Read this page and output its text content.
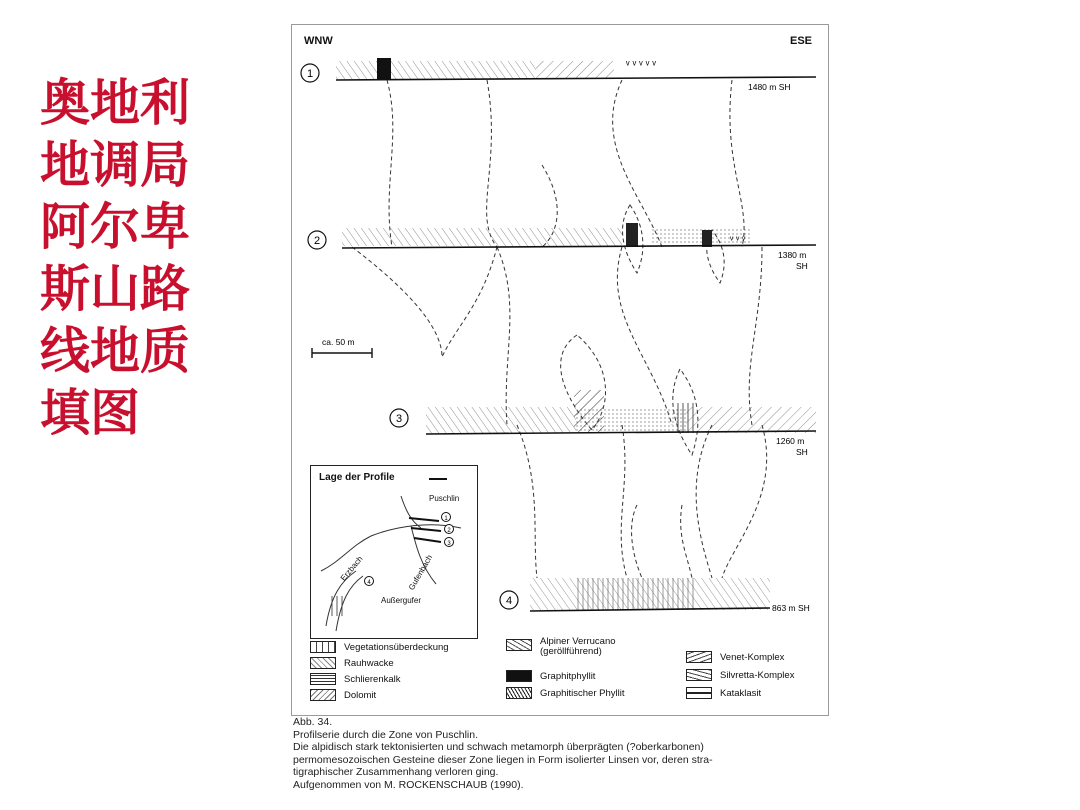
奥地利
地调局
阿尔卑
斯山路
线地质
填图
WNW	ESE
1
ᵛ ᵛ ᵛ ᵛ ᵛ
1480 m SH
2	ᵛ ᵛ ᵛ
1380 m
SH
ca. 50 m
3
1260 m
SH
4
863 m SH
Lage der Profile
1
2
3
4
Puschlin
Erzbach	Gufenbach
Außergufer
Vegetationsüberdeckung
Rauhwacke
Schlierenkalk
Dolomit
Alpiner Verrucano
(geröllführend)
Graphitphyllit
Graphitischer Phyllit
Venet-Komplex
Silvretta-Komplex
Kataklasit
Abb. 34.
Profilserie durch die Zone von Puschlin.
Die alpidisch stark tektonisierten und schwach metamorph überprägten (?oberkarbonen)
permomesozoischen Gesteine dieser Zone liegen in Form isolierter Linsen vor, deren stra-
tigraphischer Zusammenhang verloren ging.
Aufgenommen von M. ROCKENSCHAUB (1990).
